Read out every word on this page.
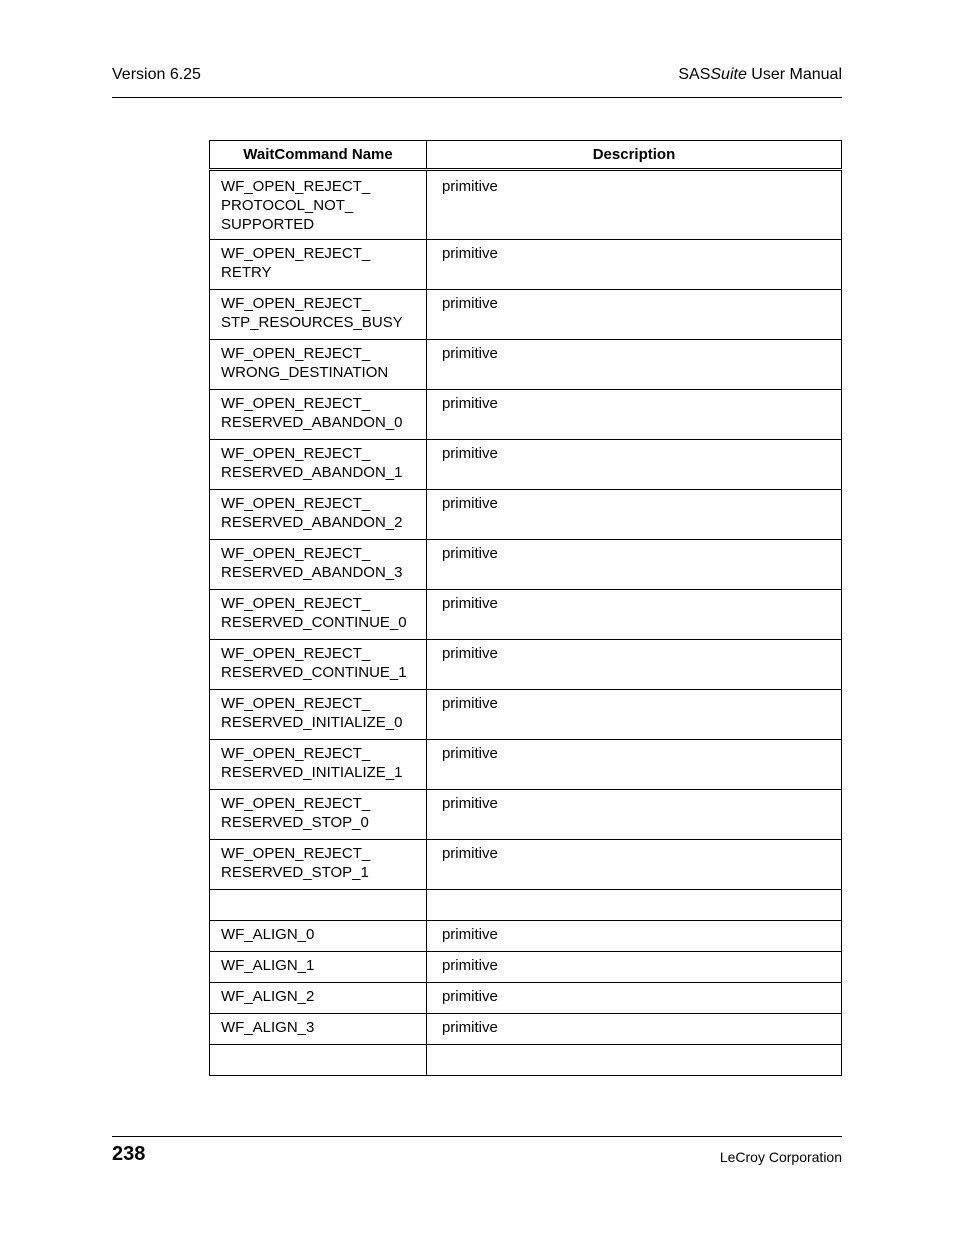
Version 6.25	SASSuite User Manual
WaitCommand Name	Description
WF_OPEN_REJECT_
PROTOCOL_NOT_
SUPPORTED	primitive
WF_OPEN_REJECT_
RETRY	primitive
WF_OPEN_REJECT_
STP_RESOURCES_BUSY	primitive
WF_OPEN_REJECT_
WRONG_DESTINATION	primitive
WF_OPEN_REJECT_
RESERVED_ABANDON_0	primitive
WF_OPEN_REJECT_
RESERVED_ABANDON_1	primitive
WF_OPEN_REJECT_
RESERVED_ABANDON_2	primitive
WF_OPEN_REJECT_
RESERVED_ABANDON_3	primitive
WF_OPEN_REJECT_
RESERVED_CONTINUE_0	primitive
WF_OPEN_REJECT_
RESERVED_CONTINUE_1	primitive
WF_OPEN_REJECT_
RESERVED_INITIALIZE_0	primitive
WF_OPEN_REJECT_
RESERVED_INITIALIZE_1	primitive
WF_OPEN_REJECT_
RESERVED_STOP_0	primitive
WF_OPEN_REJECT_
RESERVED_STOP_1	primitive

WF_ALIGN_0	primitive
WF_ALIGN_1	primitive
WF_ALIGN_2	primitive
WF_ALIGN_3	primitive

238	LeCroy Corporation
